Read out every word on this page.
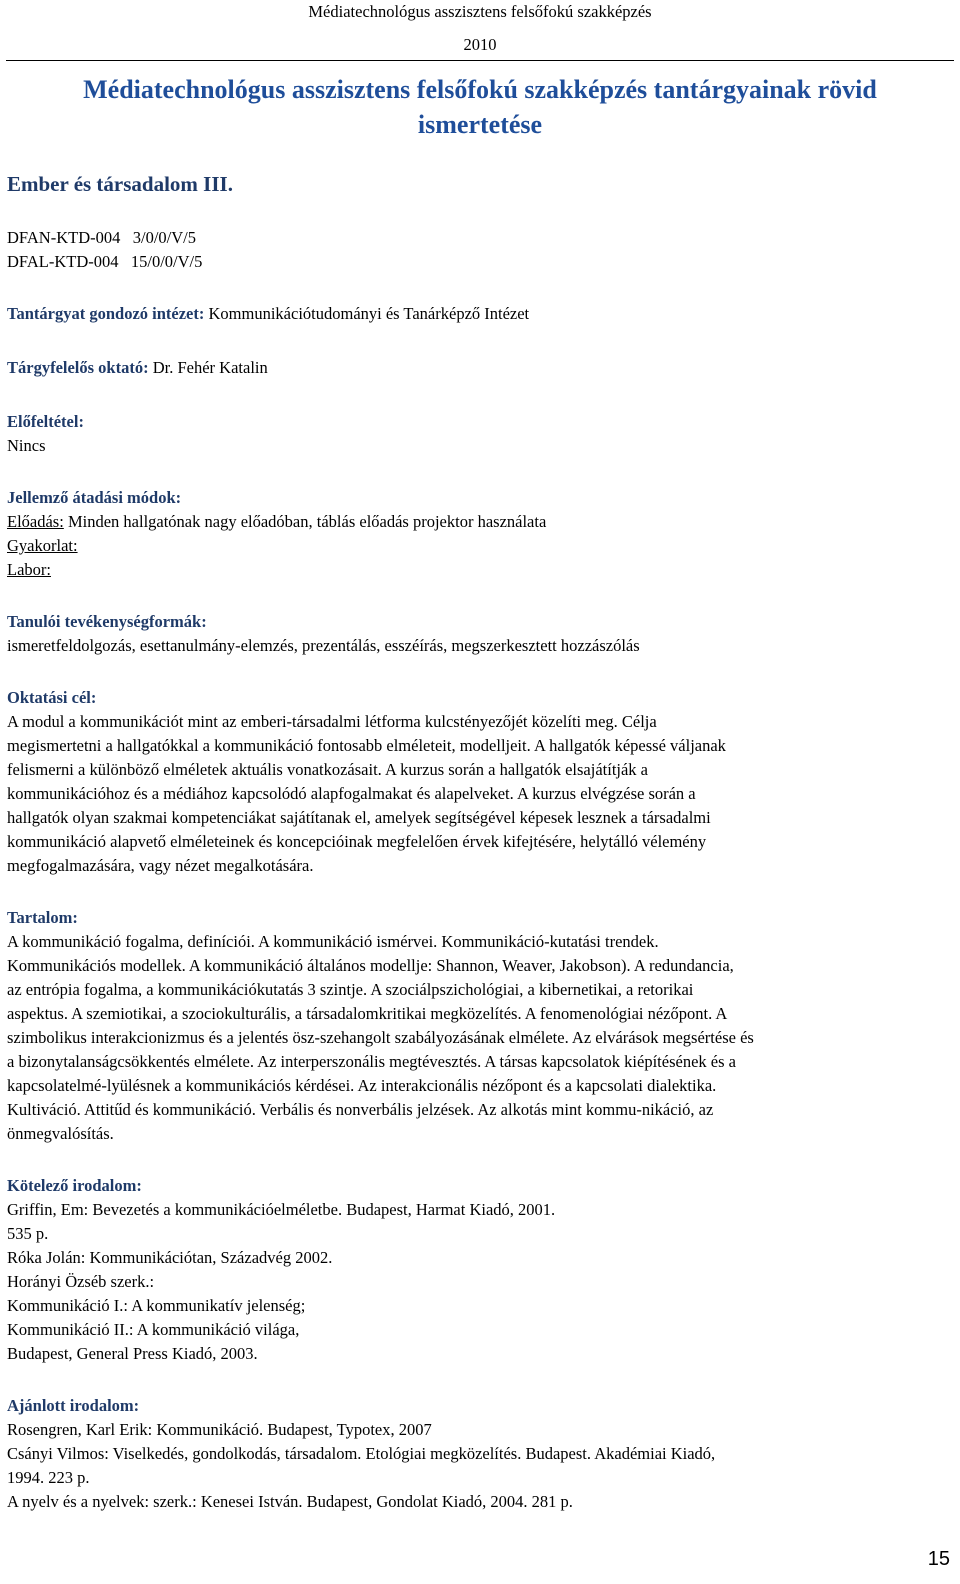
Médiatechnológus asszisztens felsőfokú szakképzés
2010
Médiatechnológus asszisztens felsőfokú szakképzés tantárgyainak rövid ismertetése
Ember és társadalom III.
DFAN-KTD-004 3/0/0/V/5
DFAL-KTD-004 15/0/0/V/5
Tantárgyat gondozó intézet: Kommunikációtudományi és Tanárképző Intézet
Tárgyfelelős oktató: Dr. Fehér Katalin
Előfeltétel:
Nincs
Jellemző átadási módok:
Előadás: Minden hallgatónak nagy előadóban, táblás előadás projektor használata
Gyakorlat:
Labor:
Tanulói tevékenységformák:
ismeretfeldolgozás, esettanulmány-elemzés, prezentálás, esszéírás, megszerkesztett hozzászólás
Oktatási cél:
A modul a kommunikációt mint az emberi-társadalmi létforma kulcstényezőjét közelíti meg. Célja
megismertetni a hallgatókkal a kommunikáció fontosabb elméleteit, modelljeit. A hallgatók képessé váljanak
felismerni a különböző elméletek aktuális vonatkozásait. A kurzus során a hallgatók elsajátítják a
kommunikációhoz és a médiához kapcsolódó alapfogalmakat és alapelveket. A kurzus elvégzése során a
hallgatók olyan szakmai kompetenciákat sajátítanak el, amelyek segítségével képesek lesznek a társadalmi
kommunikáció alapvető elméleteinek és koncepcióinak megfelelően érvek kifejtésére, helytálló vélemény
megfogalmazására, vagy nézet megalkotására.
Tartalom:
A kommunikáció fogalma, definíciói. A kommunikáció ismérvei. Kommunikáció-kutatási trendek.
Kommunikációs modellek. A kommunikáció általános modellje: Shannon, Weaver, Jakobson). A redundancia,
az entrópia fogalma, a kommunikációkutatás 3 szintje. A szociálpszichológiai, a kibernetikai, a retorikai
aspektus. A szemiotikai, a szociokulturális, a társadalomkritikai megközelítés. A fenomenológiai nézőpont. A
szimbolikus interakcionizmus és a jelentés ösz-szehangolt szabályozásának elmélete. Az elvárások megsértése és
a bizonytalanságcsökkentés elmélete. Az interperszonális megtévesztés. A társas kapcsolatok kiépítésének és a
kapcsolatelmé-lyülésnek a kommunikációs kérdései. Az interakcionális nézőpont és a kapcsolati dialektika.
Kultiváció. Attitűd és kommunikáció. Verbális és nonverbális jelzések. Az alkotás mint kommu-nikáció, az
önmegvalósítás.
Kötelező irodalom:
Griffin, Em: Bevezetés a kommunikációelméletbe. Budapest, Harmat Kiadó, 2001.
535 p.
Róka Jolán: Kommunikációtan, Századvég 2002.
Horányi Özséb szerk.:
Kommunikáció I.: A kommunikatív jelenség;
Kommunikáció II.: A kommunikáció világa,
Budapest, General Press Kiadó, 2003.
Ajánlott irodalom:
Rosengren, Karl Erik: Kommunikáció. Budapest, Typotex, 2007
Csányi Vilmos: Viselkedés, gondolkodás, társadalom. Etológiai megközelítés. Budapest. Akadémiai Kiadó,
1994. 223 p.
A nyelv és a nyelvek: szerk.: Kenesei István. Budapest, Gondolat Kiadó, 2004. 281 p.
15
